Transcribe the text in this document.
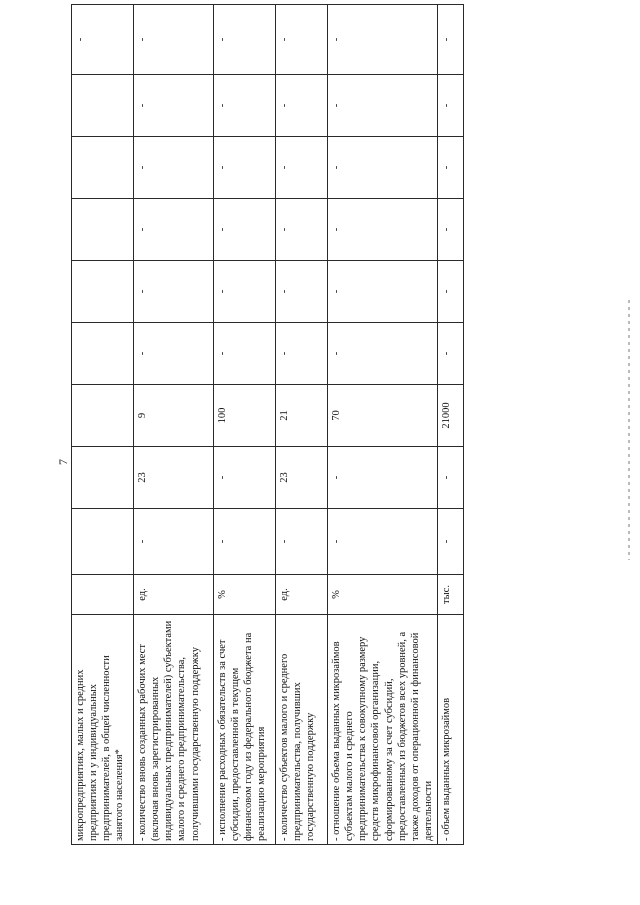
7
микропредприятиях, малых и средних предприятиях и у индивидуальных предпринимателей, в общей численности занятого населения*										-
- количество вновь созданных рабочих мест (включая вновь зарегистрированных индивидуальных предпринимателей) субъектами малого и среднего предпринимательства, получившими государственную поддержку	ед.	-	23	9	-	-	-	-	-	-
- исполнение расходных обязательств за счет субсидии, предоставленной в текущем финансовом году из федерального бюджета на реализацию мероприятия	%	-	-	100	-	-	-	-	-	-
- количество субъектов малого и среднего предпринимательства, получивших государственную поддержку	ед.	-	23	21	-	-	-	-	-	-
- отношение объема выданных микрозаймов субъектам малого и среднего предпринимательства к совокупному размеру средств микрофинансовой организации, сформированному за счет субсидий, предоставленных из бюджетов всех уровней, а также доходов от операционной и финансовой деятельности	%	-	-	70	-	-	-	-	-	-
- объем выданных микрозаймов	тыс.	-	-	21000	-	-	-	-	-	-
